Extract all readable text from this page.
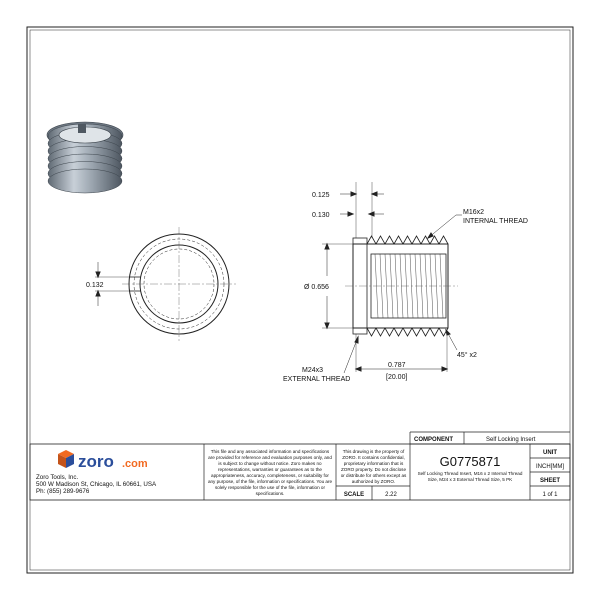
0.132
0.125
0.130
Ø 0.656
0.787
[20.00]
M16x2
INTERNAL THREAD
M24x3
EXTERNAL THREAD
45° x2
zoro .com
Zoro Tools, Inc.
500 W Madison St, Chicago, IL 60661, USA
Ph: (855) 289-9676
COMPONENT	Self Locking Insert
G0775871
UNIT
INCH[MM]
SHEET
1 of 1
SCALE	2.22
This file and any associated information and specifications are provided for reference and evaluation purposes only, and is subject to change without notice. Zoro makes no representations, warranties or guarantees as to the appropriateness, accuracy, completeness, or suitability for any purpose, of the file, information or specifications. You are solely responsible for the use of the file, information or specifications.
This drawing is the property of ZORO. It contains confidential, proprietary information that is ZORO property. Do not disclose or distribute for others except as authorized by ZORO.
Self Locking Thread Insert, M16 x 2 Internal Thread Size, M24 x 3 External Thread Size, 5 PK
